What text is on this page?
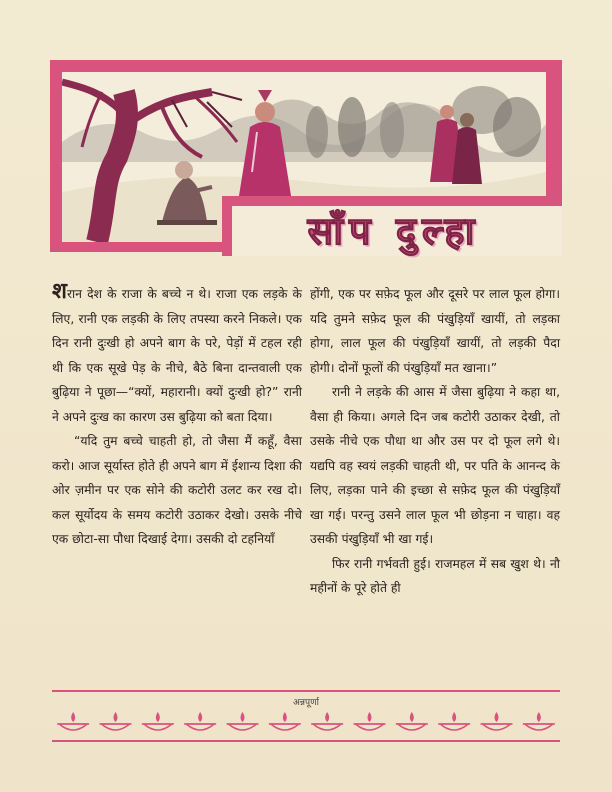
साँप दुल्हा

शरान देश के राजा के बच्चे न थे। राजा एक लड़के के लिए, रानी एक लड़की के लिए तपस्या करने निकले। एक दिन रानी दुःखी हो अपने बाग के परे, पेड़ों में टहल रही थी कि एक सूखे पेड़ के नीचे, बैठे बिना दान्तवाली एक बुढ़िया ने पूछा—“क्यों, महारानी। क्यों दुःखी हो?” रानी ने अपने दुःख का कारण उस बुढ़िया को बता दिया।

“यदि तुम बच्चे चाहती हो, तो जैसा मैं कहूँ, वैसा करो। आज सूर्यास्त होते ही अपने बाग में ईशान्य दिशा की ओर ज़मीन पर एक सोने की कटोरी उलट कर रख दो। कल सूर्योदय के समय कटोरी उठाकर देखो। उसके नीचे एक छोटा-सा पौधा दिखाई देगा। उसकी दो टहनियाँ

होंगी, एक पर सफ़ेद फूल और दूसरे पर लाल फूल होगा। यदि तुमने सफ़ेद फूल की पंखुड़ियाँ खायीं, तो लड़का होगा, लाल फूल की पंखुड़ियाँ खायीं, तो लड़की पैदा होगी। दोनों फूलों की पंखुड़ियाँ मत खाना।”

रानी ने लड़के की आस में जैसा बुढ़िया ने कहा था, वैसा ही किया। अगले दिन जब कटोरी उठाकर देखी, तो उसके नीचे एक पौधा था और उस पर दो फूल लगे थे। यद्यपि वह स्वयं लड़की चाहती थी, पर पति के आनन्द के लिए, लड़का पाने की इच्छा से सफ़ेद फूल की पंखुड़ियाँ खा गई। परन्तु उसने लाल फूल भी छोड़ना न चाहा। वह उसकी पंखुड़ियाँ भी खा गई।

फिर रानी गर्भवती हुई। राजमहल में सब खुश थे। नौ महीनों के पूरे होते ही

अन्नपूर्णा
